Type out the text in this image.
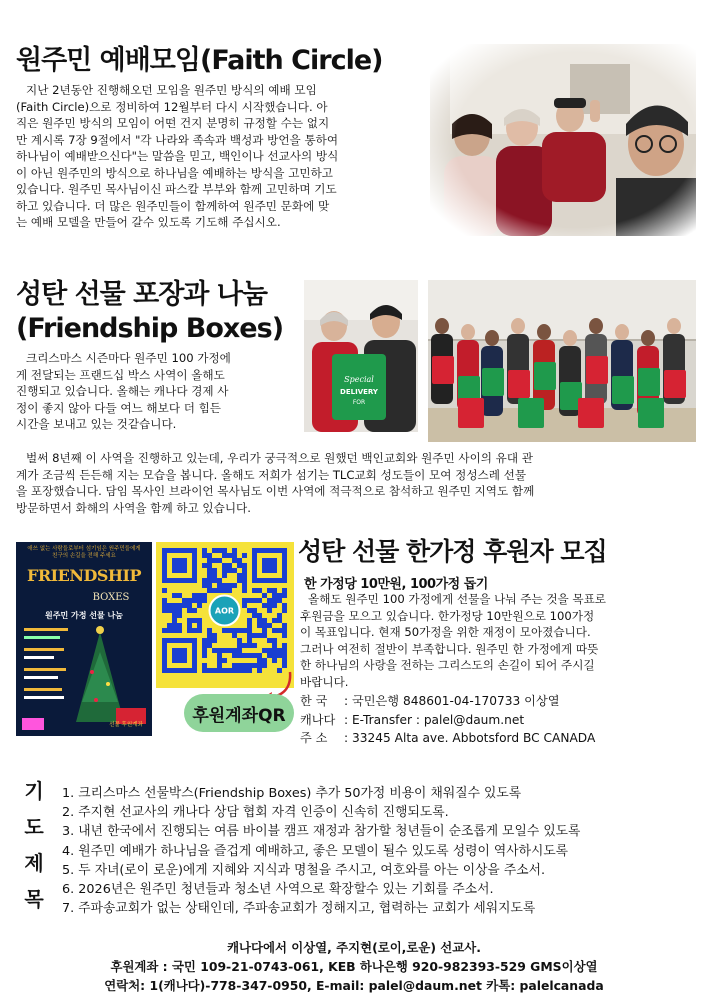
원주민 예배모임(Faith Circle)

지난 2년동안 진행해오던 모임을 원주민 방식의 예배 모임

(Faith Circle)으로 정비하여 12월부터 다시 시작했습니다. 아

직은 원주민 방식의 모임이 어떤 건지 분명히 규정할 수는 없지

만 계시록 7장 9절에서 "각 나라와 족속과 백성과 방언을 통하여

하나님이 예배받으신다"는 말씀을 믿고, 백인이나 선교사의 방식

이 아닌 원주민의 방식으로 하나님을 예배하는 방식을 고민하고

있습니다. 원주민 목사님이신 파스칼 부부와 함께 고민하며 기도

하고 있습니다. 더 많은 원주민들이 함께하여 원주민 문화에 맞

는 예배 모델을 만들어 갈수 있도록 기도해 주십시오.

성탄 선물 포장과 나눔
(Friendship Boxes)

크리스마스 시즌마다 원주민 100 가정에

게 전달되는 프랜드십 박스 사역이 올해도

진행되고 있습니다. 올해는 캐나다 경제 사

정이 좋지 않아 다들 여느 해보다 더 힘든

시간을 보내고 있는 것같습니다.

Special
DELIVERY
FOR

벌써 8년째 이 사역을 진행하고 있는데, 우리가 궁극적으로 원했던 백인교회와 원주민 사이의 유대 관

계가 조금씩 든든해 지는 모습을 봅니다. 올해도 저희가 섬기는 TLC교회 성도들이 모여 정성스레 선물

을 포장했습니다. 담임 목사인 브라이언 목사님도 이번 사역에 적극적으로 참석하고 원주민 지역도 함께

방문하면서 화해의 사역을 함께 하고 있습니다.

애쓰 없는 사람들로부터 섬기임은 원주민들에게
친구의 손길을 전해 주세요
FRIENDSHIP
BOXES
원주민 가정 선물 나눔
선물 후원계좌
AOR
후원계좌QR
성탄 선물 한가정 후원자 모집
한 가정당 10만원, 100가정 돕기

올해도 원주민 100 가정에게 선물을 나눠 주는 것을 목표로

후원금을 모으고 있습니다. 한가정당 10만원으로 100가정

이 목표입니다. 현재 50가정을 위한 재정이 모아졌습니다.

그러나 여전히 절반이 부족합니다. 원주민 한 가정에게 따뜻

한 하나님의 사랑을 전하는 그리스도의 손길이 되어 주시길

바랍니다.

한 국 : 국민은행 848601-04-170733 이상열
캐나다 : E-Transfer : palel@daum.net
주 소 : 33245 Alta ave. Abbotsford BC CANADA
기
도
제
목
1. 크리스마스 선물박스(Friendship Boxes) 추가 50가정 비용이 채워질수 있도록
2. 주지현 선교사의 캐나다 상담 협회 자격 인증이 신속히 진행되도록.
3. 내년 한국에서 진행되는 여름 바이블 캠프 재정과 참가할 청년들이 순조롭게 모일수 있도록
4. 원주민 예배가 하나님을 즐겁게 예배하고, 좋은 모델이 될수 있도록 성령이 역사하시도록
5. 두 자녀(로이 로운)에게 지혜와 지식과 명철을 주시고, 여호와를 아는 이상을 주소서.
6. 2026년은 원주민 청년들과 청소년 사역으로 확장할수 있는 기회를 주소서.
7. 주파송교회가 없는 상태인데, 주파송교회가 정해지고, 협력하는 교회가 세워지도록
캐나다에서 이상열, 주지현(로이,로운) 선교사.
후원계좌 : 국민 109-21-0743-061, KEB 하나은행 920-982393-529 GMS이상열
연락처: 1(캐나다)-778-347-0950, E-mail: palel@daum.net 카톡: palelcanada
